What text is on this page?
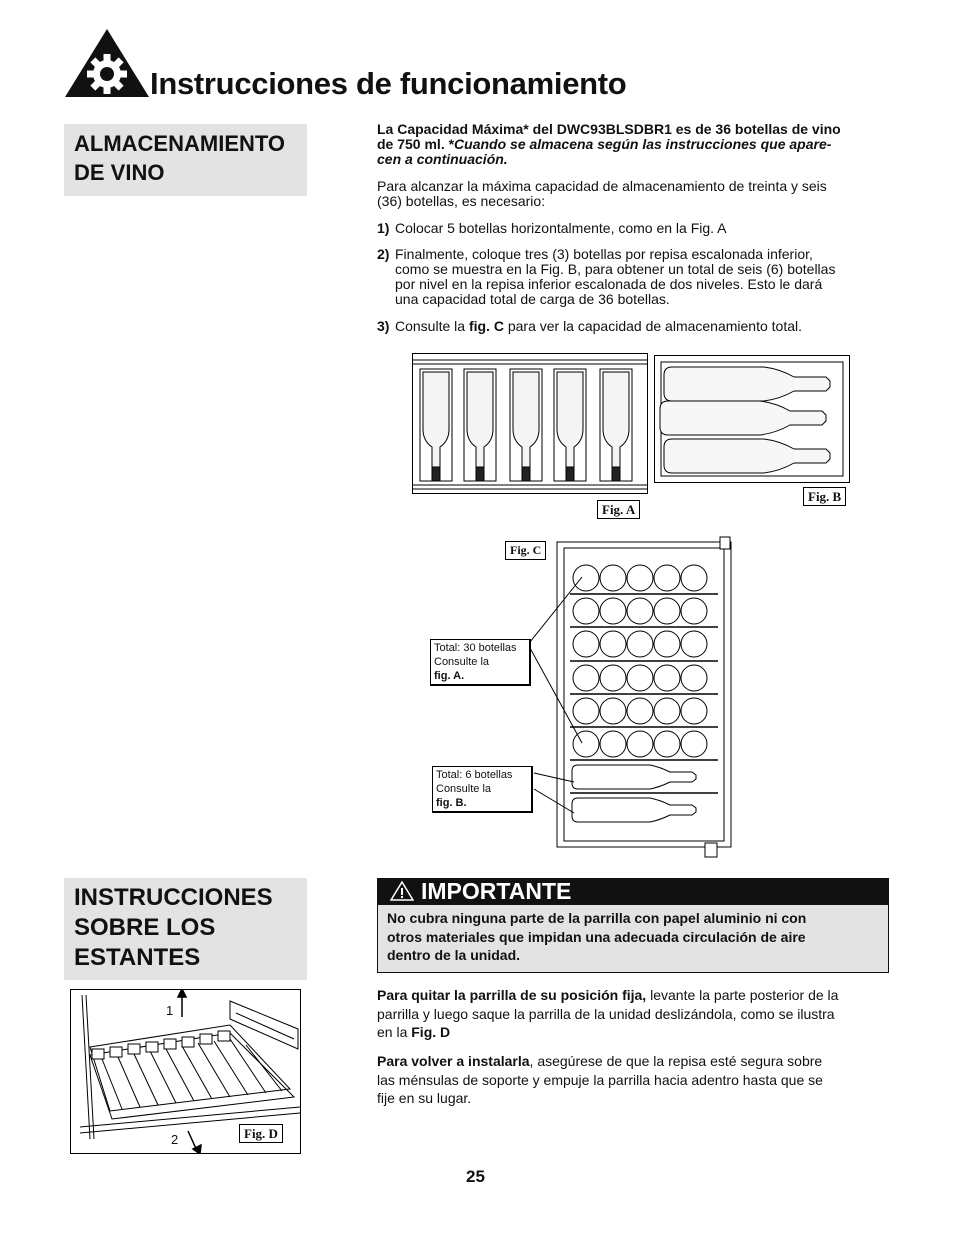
Instrucciones de funcionamiento
ALMACENAMIENTO
DE VINO
La Capacidad Máxima* del DWC93BLSDBR1 es de 36 botellas de vino
de 750 ml. *Cuando se almacena según las instrucciones que apare-
cen a continuación.
Para alcanzar la máxima capacidad de almacenamiento de treinta y seis
(36) botellas, es necesario:
1) Colocar 5 botellas horizontalmente, como en la Fig. A
2) Finalmente, coloque tres (3) botellas por repisa escalonada inferior,
como se muestra en la Fig. B, para obtener un total de seis (6) botellas
por nivel en la repisa inferior escalonada de dos niveles. Esto le dará
una capacidad total de carga de 36 botellas.
3) Consulte la fig. C para ver la capacidad de almacenamiento total.
Fig. A
Fig. B
Fig. C
Total: 30 botellas
Consulte la
fig. A.
Total: 6 botellas
Consulte la
fig. B.
INSTRUCCIONES
SOBRE LOS
ESTANTES
IMPORTANTE
No cubra ninguna parte de la parrilla con papel aluminio ni con
otros materiales que impidan una adecuada circulación de aire
dentro de la unidad.
Para quitar la parrilla de su posición fija, levante la parte posterior de la
parrilla y luego saque la parrilla de la unidad deslizándola, como se ilustra
en la Fig. D
Para volver a instalarla, asegúrese de que la repisa esté segura sobre
las ménsulas de soporte y empuje la parrilla hacia adentro hasta que se
fije en su lugar.
1
2	Fig. D
25
